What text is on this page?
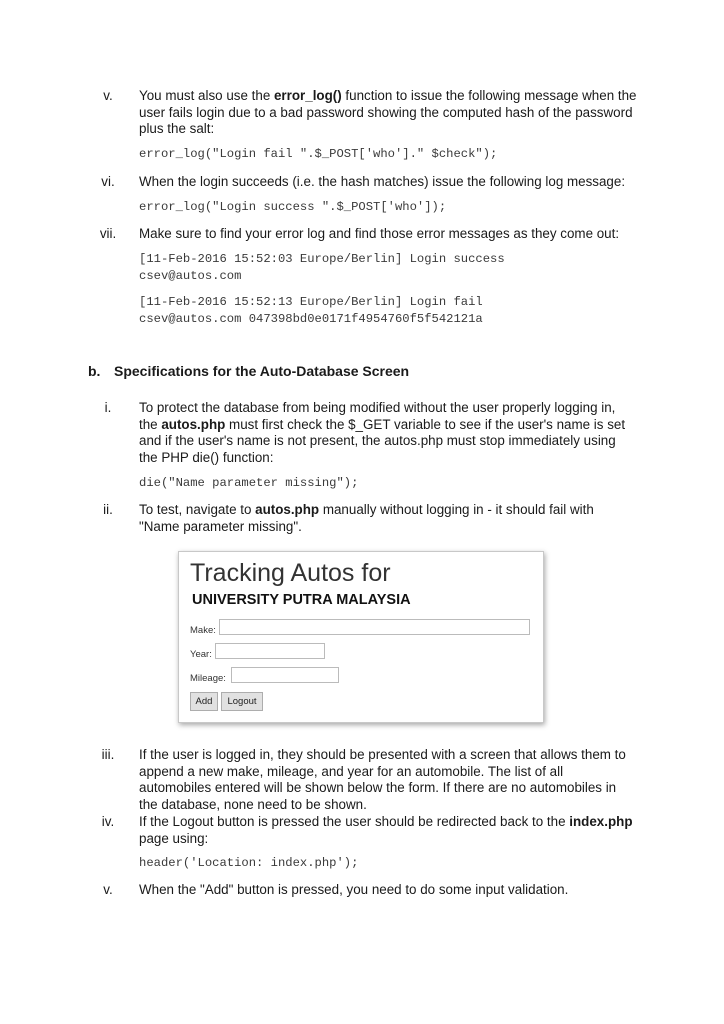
v.	You must also use the error_log() function to issue the following message when the user fails login due to a bad password showing the computed hash of the password plus the salt:
error_log("Login fail ".$_POST['who']." $check");
vi.	When the login succeeds (i.e. the hash matches) issue the following log message:
error_log("Login success ".$_POST['who']);
vii.	Make sure to find your error log and find those error messages as they come out:
[11-Feb-2016 15:52:03 Europe/Berlin] Login success
csev@autos.com
[11-Feb-2016 15:52:13 Europe/Berlin] Login fail
csev@autos.com 047398bd0e0171f4954760f5f542121a
b. Specifications for the Auto-Database Screen
i.	To protect the database from being modified without the user properly logging in, the autos.php must first check the $_GET variable to see if the user's name is set and if the user's name is not present, the autos.php must stop immediately using the PHP die() function:
die("Name parameter missing");
ii.	To test, navigate to autos.php manually without logging in - it should fail with "Name parameter missing".
Tracking Autos for
UNIVERSITY PUTRA MALAYSIA
Make:
Year:
Mileage:
Add	Logout
iii.	If the user is logged in, they should be presented with a screen that allows them to append a new make, mileage, and year for an automobile. The list of all automobiles entered will be shown below the form. If there are no automobiles in the database, none need to be shown.
iv.	If the Logout button is pressed the user should be redirected back to the index.php page using:
header('Location: index.php');
v.	When the "Add" button is pressed, you need to do some input validation.
